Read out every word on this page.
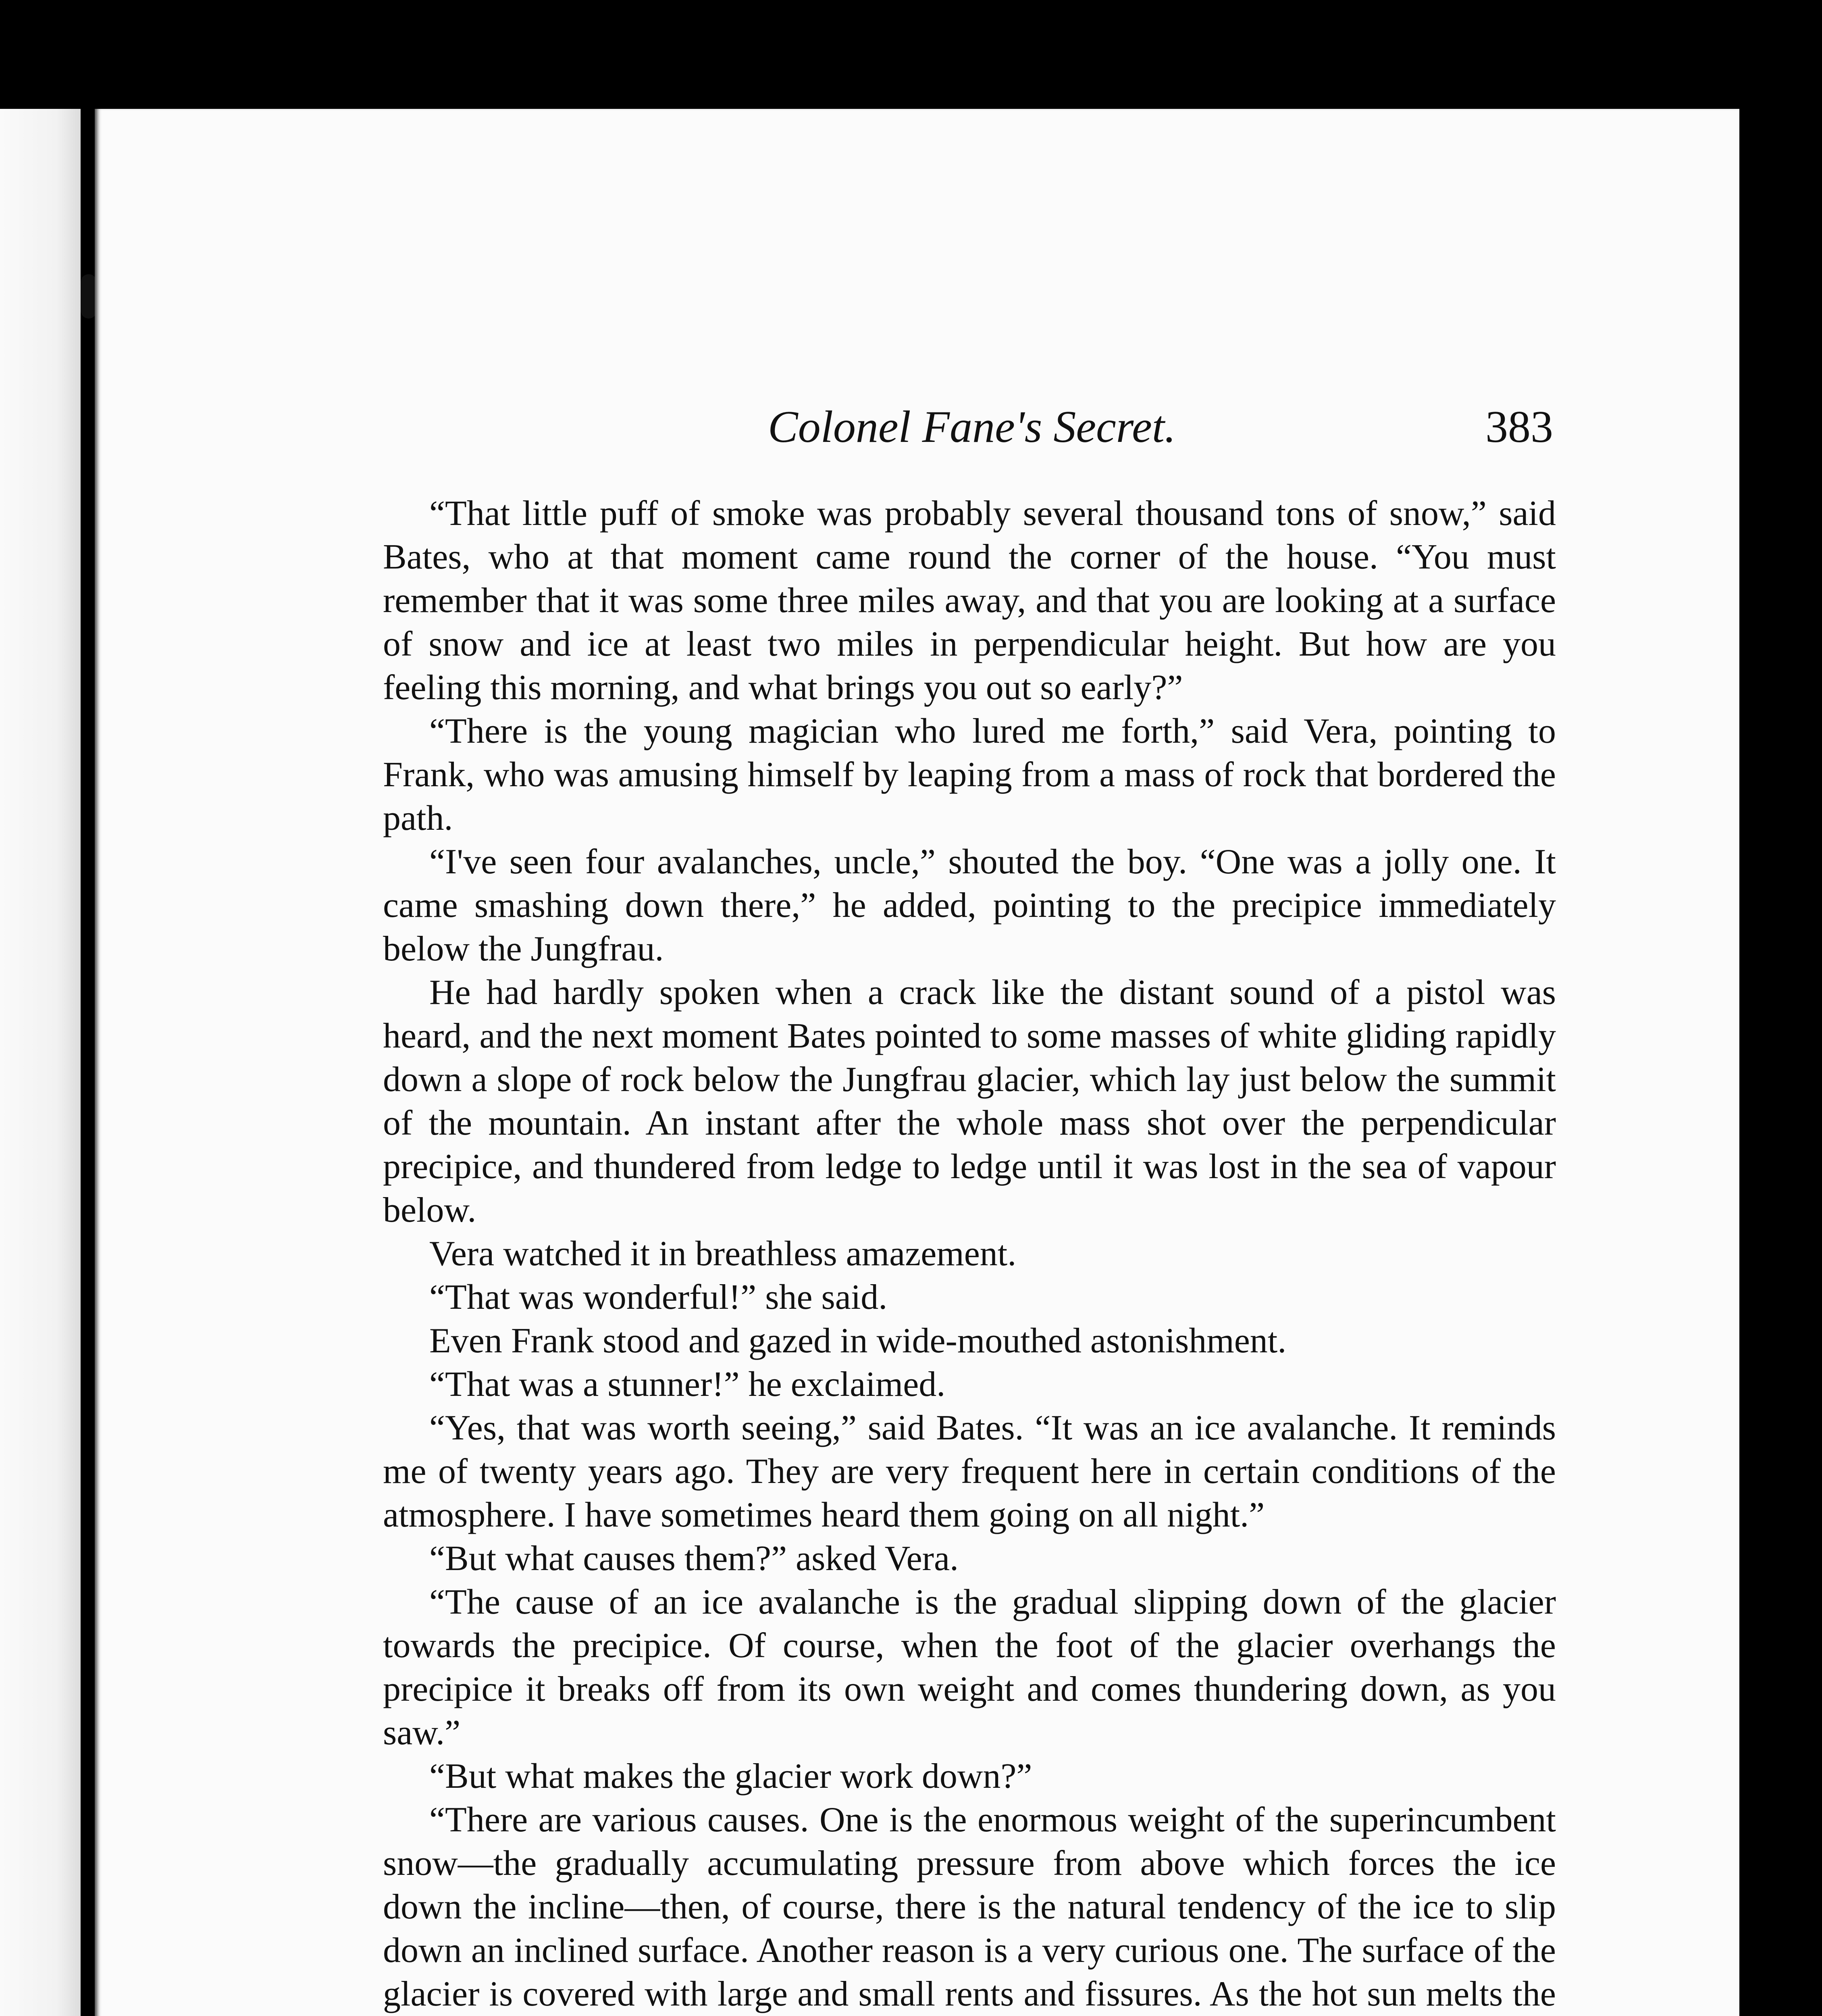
Colonel Fane's Secret.	383

“That little puff of smoke was probably several thousand tons of snow,” said Bates, who at that moment came round the corner of the house. “You must remember that it was some three miles away, and that you are looking at a surface of snow and ice at least two miles in perpendicular height. But how are you feeling this morning, and what brings you out so early?”

“There is the young magician who lured me forth,” said Vera, pointing to Frank, who was amusing himself by leaping from a mass of rock that bordered the path.

“I've seen four avalanches, uncle,” shouted the boy. “One was a jolly one. It came smashing down there,” he added, pointing to the precipice immediately below the Jungfrau.

He had hardly spoken when a crack like the distant sound of a pistol was heard, and the next moment Bates pointed to some masses of white gliding rapidly down a slope of rock below the Jungfrau glacier, which lay just below the summit of the mountain. An instant after the whole mass shot over the perpendicular precipice, and thundered from ledge to ledge until it was lost in the sea of vapour below.

Vera watched it in breathless amazement.

“That was wonderful!” she said.

Even Frank stood and gazed in wide-mouthed astonishment.

“That was a stunner!” he exclaimed.

“Yes, that was worth seeing,” said Bates. “It was an ice avalanche. It reminds me of twenty years ago. They are very frequent here in certain conditions of the atmosphere. I have sometimes heard them going on all night.”

“But what causes them?” asked Vera.

“The cause of an ice avalanche is the gradual slipping down of the glacier towards the precipice. Of course, when the foot of the glacier overhangs the precipice it breaks off from its own weight and comes thundering down, as you saw.”

“But what makes the glacier work down?”

“There are various causes. One is the enormous weight of the superincumbent snow—the gradually accumulating pressure from above which forces the ice down the incline—then, of course, there is the natural tendency of the ice to slip down an inclined surface. Another reason is a very curious one. The surface of the glacier is covered with large and small rents and fissures. As the hot sun melts the
